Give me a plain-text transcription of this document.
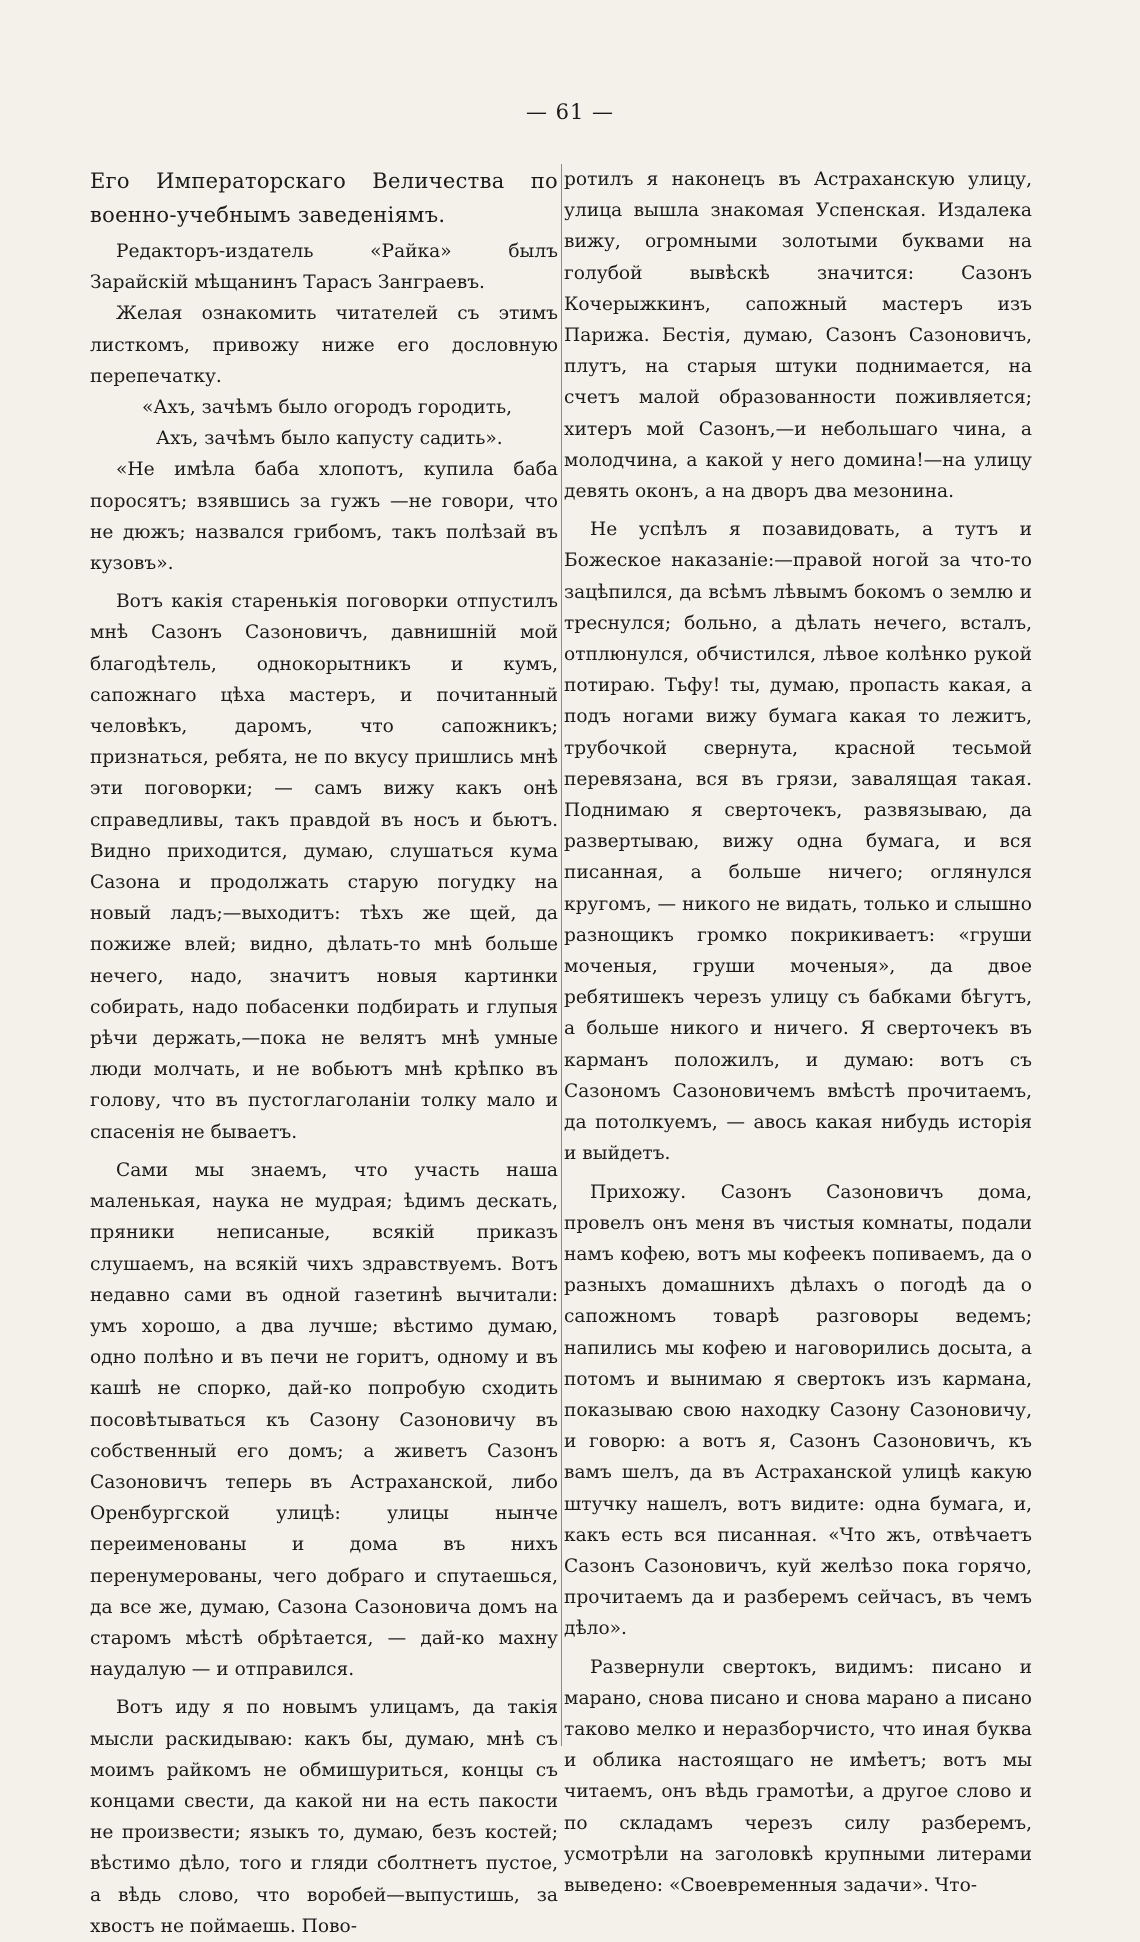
— 61 —

Его Императорскаго Величества по военно-учебнымъ заведеніямъ.

Редакторъ-издатель «Райка» былъ Зарайскій мѣщанинъ Тарасъ Занграевъ.

Желая ознакомить читателей съ этимъ листкомъ, привожу ниже его дословную перепечатку.

«Ахъ, зачѣмъ было огородъ городить,

Ахъ, зачѣмъ было капусту садить».

«Не имѣла баба хлопотъ, купила баба поросятъ; взявшись за гужъ —не говори, что не дюжъ; назвался грибомъ, такъ полѣзай въ кузовъ».

Вотъ какія старенькія поговорки отпустилъ мнѣ Сазонъ Сазоновичъ, давнишній мой благодѣтель, однокорытникъ и кумъ, сапожнаго цѣха мастеръ, и почитанный человѣкъ, даромъ, что сапожникъ; признаться, ребята, не по вкусу пришлись мнѣ эти поговорки; — самъ вижу какъ онѣ справедливы, такъ правдой въ носъ и бьютъ. Видно приходится, думаю, слушаться кума Сазона и продолжать старую погудку на новый ладъ;—выходитъ: тѣхъ же щей, да пожиже влей; видно, дѣлать-то мнѣ больше нечего, надо, значитъ новыя картинки собирать, надо побасенки подбирать и глупыя рѣчи держать,—пока не велятъ мнѣ умные люди молчать, и не вобьютъ мнѣ крѣпко въ голову, что въ пустоглаголаніи толку мало и спасенія не бываетъ.

Сами мы знаемъ, что участь наша маленькая, наука не мудрая; ѣдимъ дескать, пряники неписаные, всякій приказъ слушаемъ, на всякій чихъ здравствуемъ. Вотъ недавно сами въ одной газетинѣ вычитали: умъ хорошо, а два лучше; вѣстимо думаю, одно полѣно и въ печи не горитъ, одному и въ кашѣ не спорко, дай-ко попробую сходить посовѣтываться къ Сазону Сазоновичу въ собственный его домъ; а живетъ Сазонъ Сазоновичъ теперь въ Астраханской, либо Оренбургской улицѣ: улицы нынче переименованы и дома въ нихъ перенумерованы, чего добраго и спутаешься, да все же, думаю, Сазона Сазоновича домъ на старомъ мѣстѣ обрѣтается, — дай-ко махну наудалую — и отправился.

Вотъ иду я по новымъ улицамъ, да такія мысли раскидываю: какъ бы, думаю, мнѣ съ моимъ райкомъ не обмишуриться, концы съ концами свести, да какой ни на есть пакости не произвести; языкъ то, думаю, безъ костей; вѣстимо дѣло, того и гляди сболтнетъ пустое, а вѣдь слово, что воробей—выпустишь, за хвостъ не поймаешь. Пово-

ротилъ я наконецъ въ Астраханскую улицу, улица вышла знакомая Успенская. Издалека вижу, огромными золотыми буквами на голубой вывѣскѣ значится: Сазонъ Кочерыжкинъ, сапожный мастеръ изъ Парижа. Бестія, думаю, Сазонъ Сазоновичъ, плутъ, на старыя штуки поднимается, на счетъ малой образованности поживляется; хитеръ мой Сазонъ,—и небольшаго чина, а молодчина, а какой у него домина!—на улицу девять оконъ, а на дворъ два мезонина.

Не успѣлъ я позавидовать, а тутъ и Божеское наказаніе:—правой ногой за что-то зацѣпился, да всѣмъ лѣвымъ бокомъ о землю и треснулся; больно, а дѣлать нечего, всталъ, отплюнулся, обчистился, лѣвое колѣнко рукой потираю. Тьфу! ты, думаю, пропасть какая, а подъ ногами вижу бумага какая то лежитъ, трубочкой свернута, красной тесьмой перевязана, вся въ грязи, завалящая такая. Поднимаю я сверточекъ, развязываю, да развертываю, вижу одна бумага, и вся писанная, а больше ничего; оглянулся кругомъ, — никого не видать, только и слышно разнощикъ громко покрикиваетъ: «груши моченыя, груши моченыя», да двое ребятишекъ черезъ улицу съ бабками бѣгутъ, а больше никого и ничего. Я сверточекъ въ карманъ положилъ, и думаю: вотъ съ Сазономъ Сазоновичемъ вмѣстѣ прочитаемъ, да потолкуемъ, — авось какая нибудь исторія и выйдетъ.

Прихожу. Сазонъ Сазоновичъ дома, провелъ онъ меня въ чистыя комнаты, подали намъ кофею, вотъ мы кофеекъ попиваемъ, да о разныхъ домашнихъ дѣлахъ о погодѣ да о сапожномъ товарѣ разговоры ведемъ; напились мы кофею и наговорились досыта, а потомъ и вынимаю я свертокъ изъ кармана, показываю свою находку Сазону Сазоновичу, и говорю: а вотъ я, Сазонъ Сазоновичъ, къ вамъ шелъ, да въ Астраханской улицѣ какую штучку нашелъ, вотъ видите: одна бумага, и, какъ есть вся писанная. «Что жъ, отвѣчаетъ Сазонъ Сазоновичъ, куй желѣзо пока горячо, прочитаемъ да и разберемъ сейчасъ, въ чемъ дѣло».

Развернули свертокъ, видимъ: писано и марано, снова писано и снова марано а писано таково мелко и неразборчисто, что иная буква и облика настоящаго не имѣетъ; вотъ мы читаемъ, онъ вѣдь грамотѣи, а другое слово и по складамъ черезъ силу разберемъ, усмотрѣли на заголовкѣ крупными литерами выведено: «Своевременныя задачи». Что-
